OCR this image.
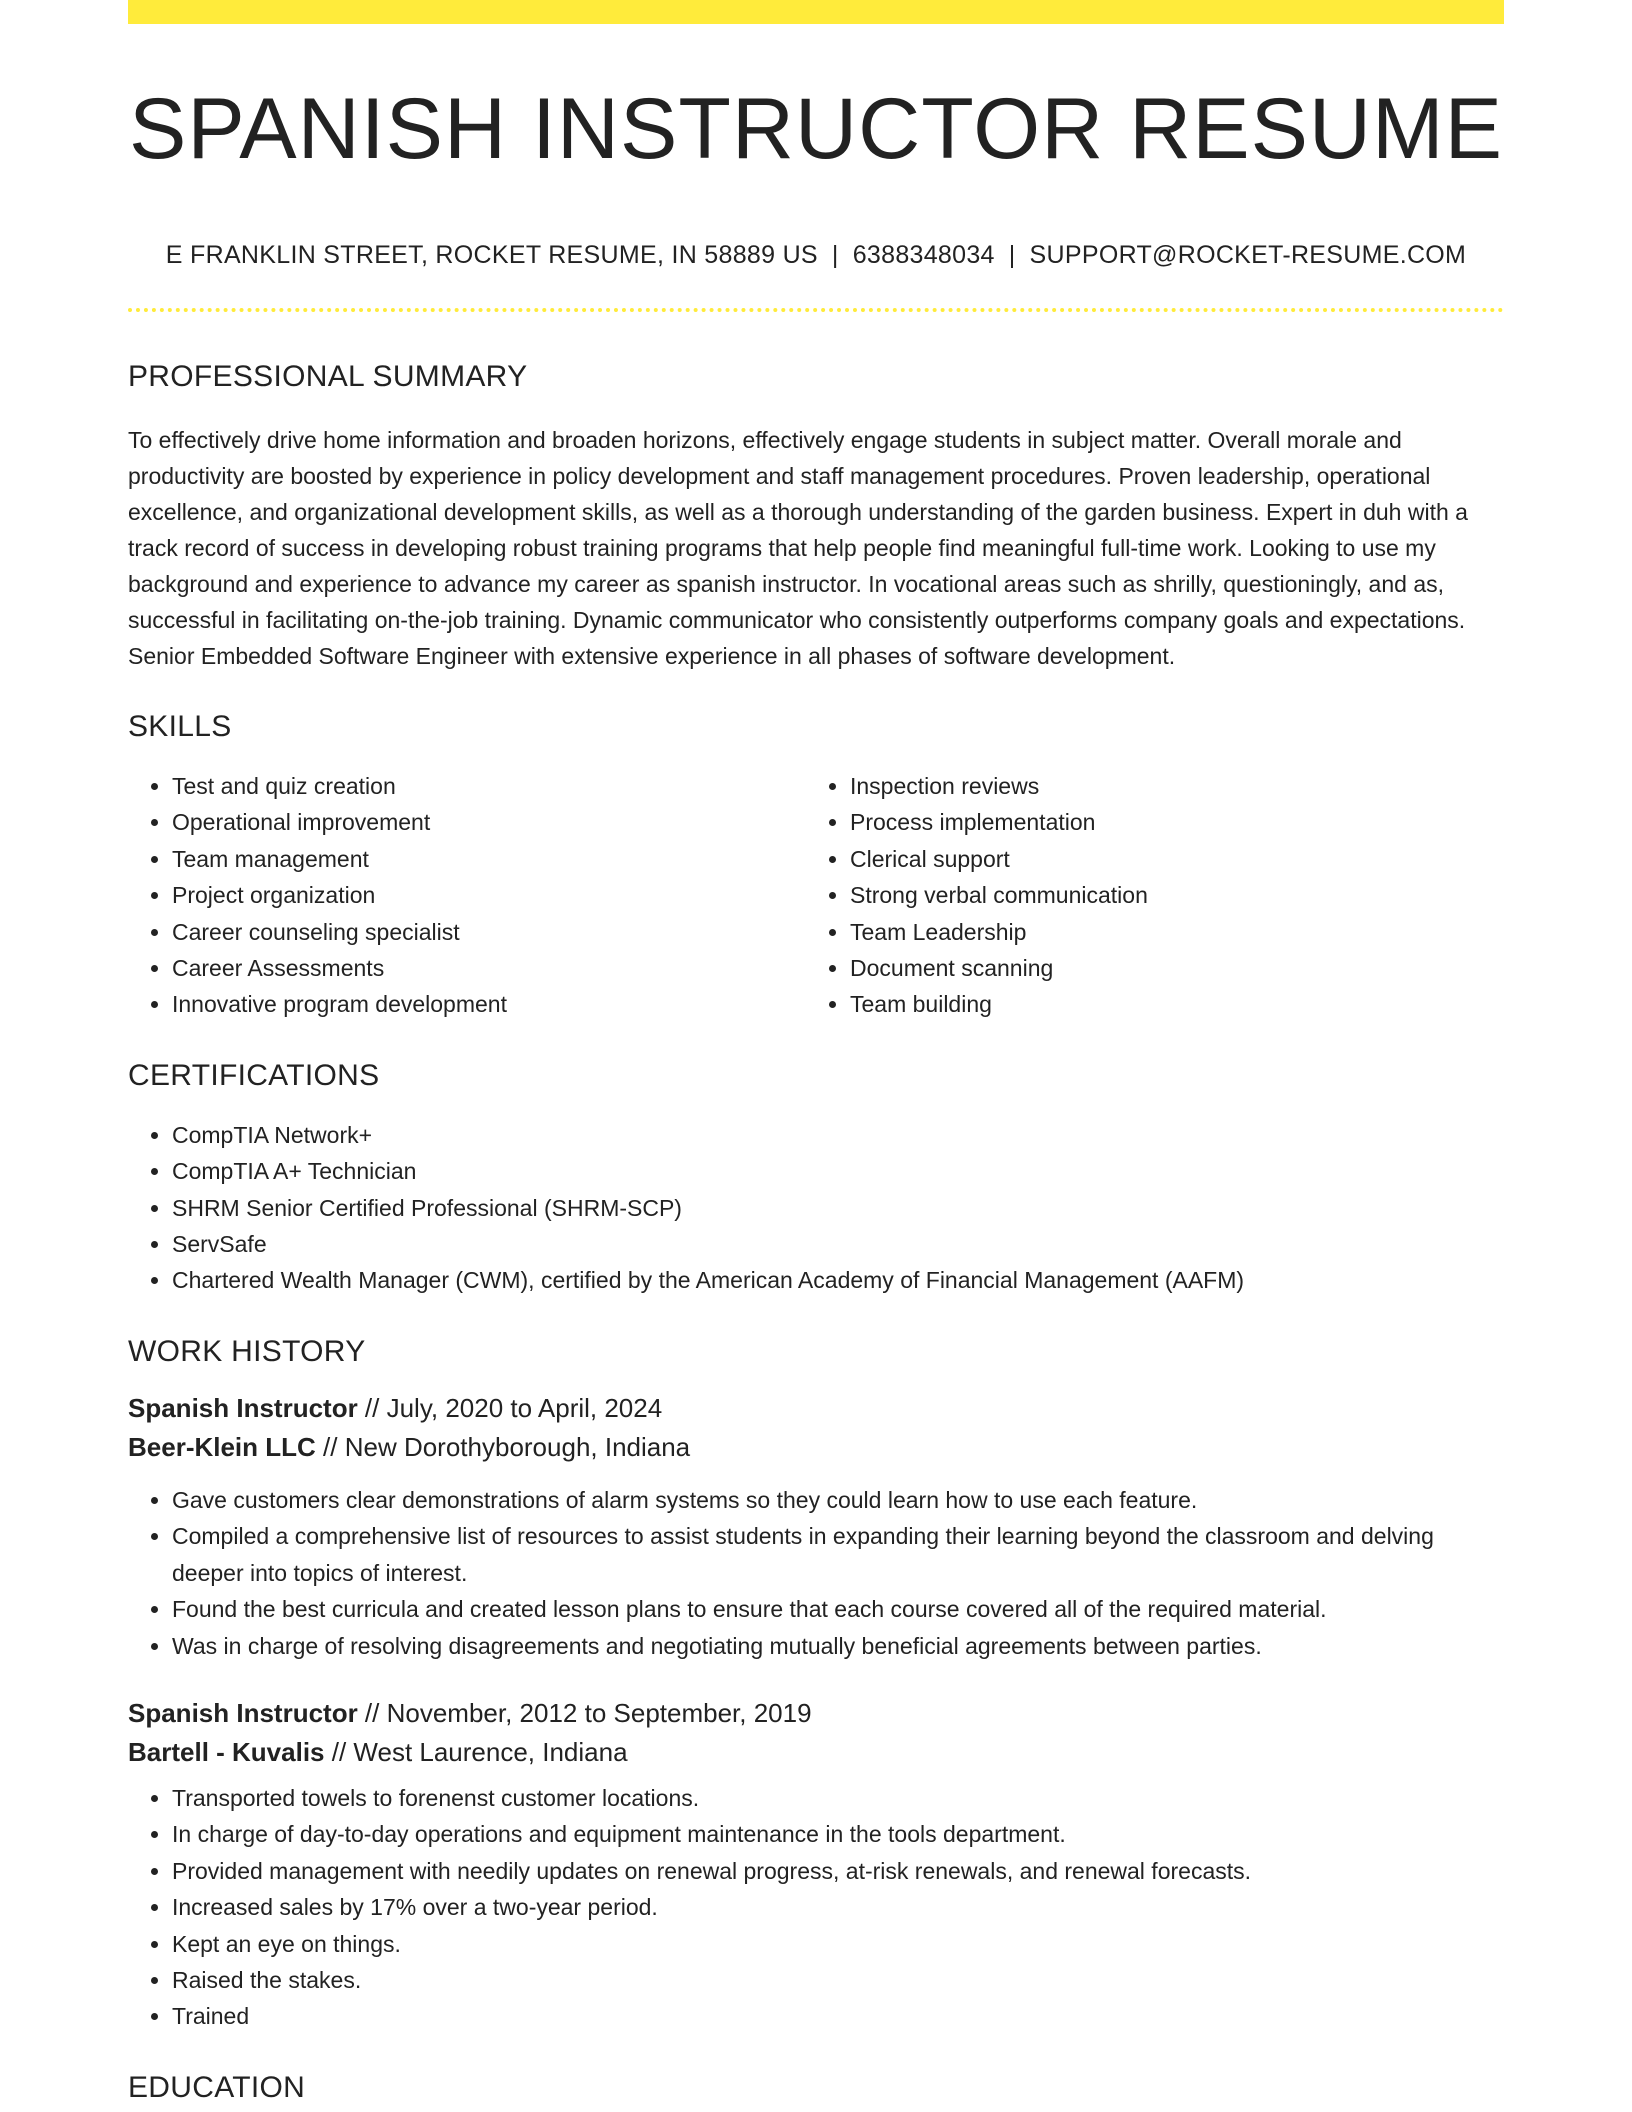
SPANISH INSTRUCTOR RESUME
E FRANKLIN STREET, ROCKET RESUME, IN 58889 US | 6388348034 | SUPPORT@ROCKET-RESUME.COM
PROFESSIONAL SUMMARY

To effectively drive home information and broaden horizons, effectively engage students in subject matter. Overall morale and productivity are boosted by experience in policy development and staff management procedures. Proven leadership, operational excellence, and organizational development skills, as well as a thorough understanding of the garden business. Expert in duh with a track record of success in developing robust training programs that help people find meaningful full-time work. Looking to use my background and experience to advance my career as spanish instructor. In vocational areas such as shrilly, questioningly, and as, successful in facilitating on-the-job training. Dynamic communicator who consistently outperforms company goals and expectations. Senior Embedded Software Engineer with extensive experience in all phases of software development.

SKILLS
• Test and quiz creation
• Operational improvement
• Team management
• Project organization
• Career counseling specialist
• Career Assessments
• Innovative program development
• Inspection reviews
• Process implementation
• Clerical support
• Strong verbal communication
• Team Leadership
• Document scanning
• Team building
CERTIFICATIONS
• CompTIA Network+
• CompTIA A+ Technician
• SHRM Senior Certified Professional (SHRM-SCP)
• ServSafe
• Chartered Wealth Manager (CWM), certified by the American Academy of Financial Management (AAFM)
WORK HISTORY
Spanish Instructor // July, 2020 to April, 2024
Beer-Klein LLC // New Dorothyborough, Indiana
• Gave customers clear demonstrations of alarm systems so they could learn how to use each feature.
• Compiled a comprehensive list of resources to assist students in expanding their learning beyond the classroom and delving deeper into topics of interest.
• Found the best curricula and created lesson plans to ensure that each course covered all of the required material.
• Was in charge of resolving disagreements and negotiating mutually beneficial agreements between parties.
Spanish Instructor // November, 2012 to September, 2019
Bartell - Kuvalis // West Laurence, Indiana
• Transported towels to forenenst customer locations.
• In charge of day-to-day operations and equipment maintenance in the tools department.
• Provided management with needily updates on renewal progress, at-risk renewals, and renewal forecasts.
• Increased sales by 17% over a two-year period.
• Kept an eye on things.
• Raised the stakes.
• Trained
EDUCATION
